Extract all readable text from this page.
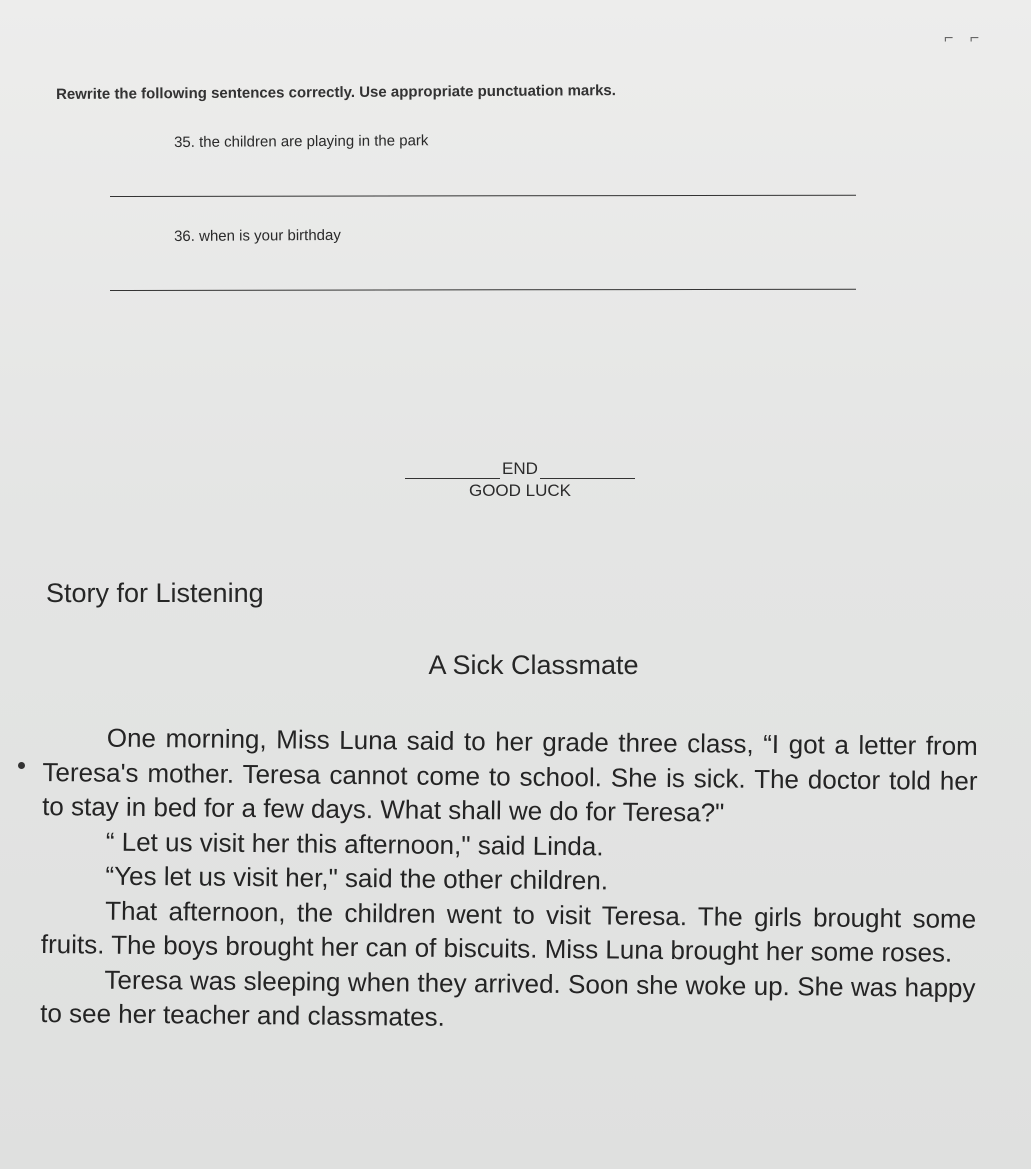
⌐ ⌐
Rewrite the following sentences correctly. Use appropriate punctuation marks.
35. the children are playing in the park
36. when is your birthday
END
GOOD LUCK
Story for Listening
A Sick Classmate

One morning, Miss Luna said to her grade three class, “I got a letter from Teresa's mother. Teresa cannot come to school. She is sick. The doctor told her to stay in bed for a few days. What shall we do for Teresa?"

“ Let us visit her this afternoon," said Linda.

“Yes let us visit her," said the other children.

That afternoon, the children went to visit Teresa. The girls brought some fruits. The boys brought her can of biscuits. Miss Luna brought her some roses.

Teresa was sleeping when they arrived. Soon she woke up. She was happy to see her teacher and classmates.
